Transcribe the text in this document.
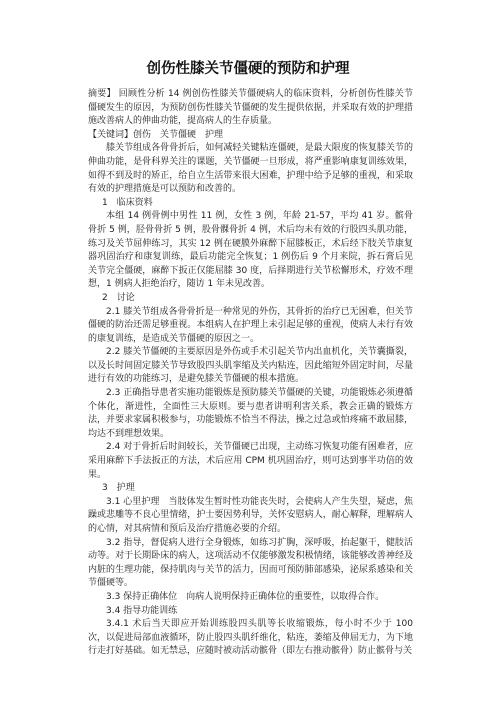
创伤性膝关节僵硬的预防和护理

摘要】 回顾性分析 14 例创伤性膝关节僵硬病人的临床资料，分析创伤性膝关节僵硬发生的原因，为预防创伤性膝关节僵硬的发生提供依据，并采取有效的护理措施改善病人的伸曲功能，提高病人的生存质量。

【关键词】创伤　关节僵硬　护理

膝关节组成各骨骨折后，如何减轻关键粘连僵硬，是最大限度的恢复膝关节的伸曲功能，是骨科界关注的课题，关节僵硬一旦形成，将严重影响康复训练效果，如得不到及时的矫正，给自立生活带来很大困难，护理中给予足够的重视，和采取有效的护理措施是可以预防和改善的。

1　临床资料

本组 14 例骨例中男性 11 例，女性 3 例，年龄 21-57，平均 41 岁。髌骨骨折 5 例，胫骨骨折 5 例，股骨髁骨折 4 例，术后均未有效的行股四头肌功能，练习及关节屈伸练习，其实 12 例在硬膜外麻醉下屈膝板正，术后经下肢关节康复器巩固治疗和康复训练，最后功能完全恢复；1 例伤后 9 个月来院，拆石膏后见关节完全僵硬，麻醉下扳正仅能屈膝 30 度，后择期进行关节松懈形术，疗效不理想，1 例病人拒绝治疗，随访 1 年未见改善。

2　讨论

2.1 膝关节组成各骨骨折是一种常见的外伤，其骨折的治疗已无困难，但关节僵硬的防治还需足够重视。本组病人在护理上未引起足够的重视，使病人未行有效的康复训练，是造成关节僵硬的原因之一。

2.2 膝关节僵硬的主要原因是外伤或手术引起关节内出血机化，关节囊撕裂，以及长时间固定膝关节导致股四头肌挛缩及关内粘连，因此缩短外固定时间，尽量进行有效的功能练习，是避免膝关节僵硬的根本措施。

2.3 正确指导患者实施功能锻炼是预防膝关节僵硬的关键，功能锻炼必须遵循个体化，渐进性，全面性三大原则。要与患者讲明利害关系，教会正确的锻炼方法，并要求家属积极参与，功能锻炼不恰当不得法，操之过急或怕疼痛不敢屈膝，均达不到理想效果。

2.4 对于骨折后时间较长，关节僵硬已出现，主动练习恢复功能有困难者，应采用麻醉下手法扳正的方法，术后应用 CPM 机巩固治疗，则可达到事半功倍的效果。

3　护理

3.1 心里护理　当肢体发生暂时性功能丧失时，会使病人产生失望，疑虑，焦躁或悲雕等不良心里情绪，护士要因势利导，关怀安慰病人，耐心解释，理解病人的心情，对其病情和预后及治疗措施必要的介绍。

3.2 指导，督促病人进行全身锻炼，如练习扩胸，深呼吸，抬起躯干，健肢活动等。对于长期卧床的病人，这项活动不仅能够激发积极情绪，该能够改善神经及内脏的生理功能，保持肌肉与关节的活力，因而可预防肺部感染，泌尿系感染和关节僵硬等。

3.3 保持正确体位　向病人说明保持正确体位的重要性，以取得合作。

3.4 指导功能训练

3.4.1 术后当天即应开始训练股四头肌等长收缩锻炼，每小时不少于 100 次，以促进局部血液循环，防止股四头肌纤维化，粘连，萎缩及伸屈无力，为下地行走打好基础。如无禁忌，应随时被动活动髌骨（即左右推动髌骨）防止髌骨与关
